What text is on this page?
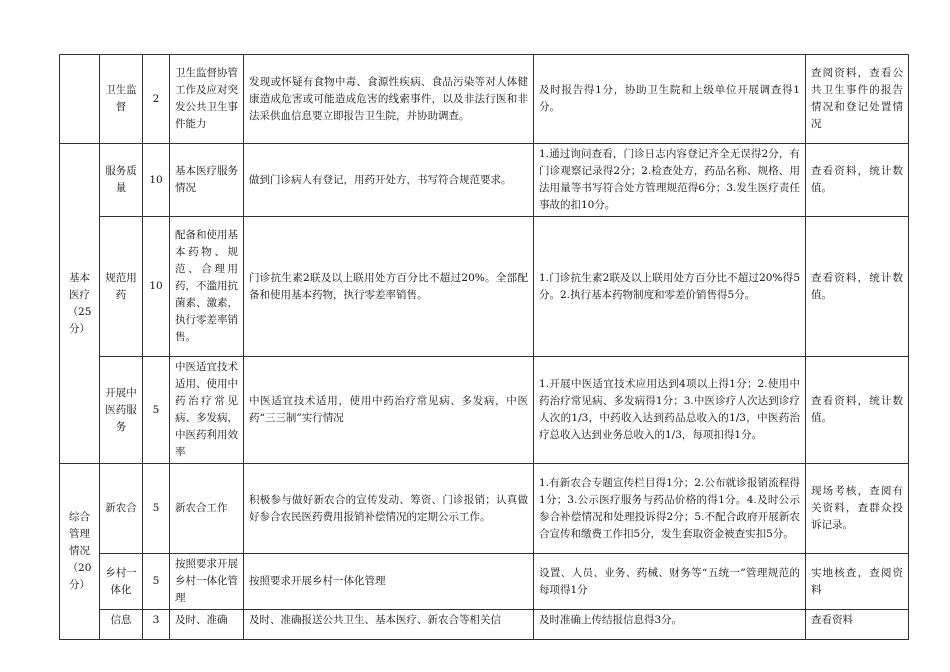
	卫生监督	2	卫生监督协管工作及应对突发公共卫生事件能力	发现或怀疑有食物中毒、食源性疾病、食品污染等对人体健康造成危害或可能造成危害的线索事件，以及非法行医和非法采供血信息要立即报告卫生院，并协助调查。	及时报告得1分，协助卫生院和上级单位开展调查得1分。	查阅资料，查看公共卫生事件的报告情况和登记处置情况
基本医疗（25分）	服务质量	10	基本医疗服务情况	做到门诊病人有登记，用药开处方，书写符合规范要求。	1.通过询问查看，门诊日志内容登记齐全无误得2分，有门诊观察记录得2分；2.检查处方，药品名称、规格、用法用量等书写符合处方管理规范得6分；3.发生医疗责任事故的扣10分。	查看资料，统计数值。
	规范用药	10	配备和使用基本药物、规范、合理用药，不滥用抗菌素、激素，执行零差率销售。	门诊抗生素2联及以上联用处方百分比不超过20%。全部配备和使用基本药物，执行零差率销售。	1.门诊抗生素2联及以上联用处方百分比不超过20%得5分。2.执行基本药物制度和零差价销售得5分。	查看资料，统计数值。
	开展中医药服务	5	中医适宜技术适用、使用中药治疗常见病、多发病，中医药利用效率	中医适宜技术适用，使用中药治疗常见病、多发病，中医药“三三制”实行情况	1.开展中医适宜技术应用达到4项以上得1分；2.使用中药治疗常见病、多发病得1分；3.中医诊疗人次达到诊疗人次的1/3，中药收入达到药品总收入的1/3，中医药治疗总收入达到业务总收入的1/3，每项扣得1分。	查看资料，统计数值。
综合管理情况（20分）	新农合	5	新农合工作	积极参与做好新农合的宣传发动、筹资、门诊报销；认真做好参合农民医药费用报销补偿情况的定期公示工作。	1.有新农合专题宣传栏目得1分；2.公布就诊报销流程得1分；3.公示医疗服务与药品价格的得1分。4.及时公示参合补偿情况和处理投诉得2分；5.不配合政府开展新农合宣传和缴费工作扣5分，发生套取资金被查实扣5分。	现场考核，查阅有关资料，查群众投诉记录。
	乡村一体化	5	按照要求开展乡村一体化管理	按照要求开展乡村一体化管理	设置、人员、业务、药械、财务等“五统一”管理规范的每项得1分	实地核查，查阅资料
	信息	3	及时、准确	及时、准确报送公共卫生、基本医疗、新农合等相关信	及时准确上传结报信息得3分。	查看资料
